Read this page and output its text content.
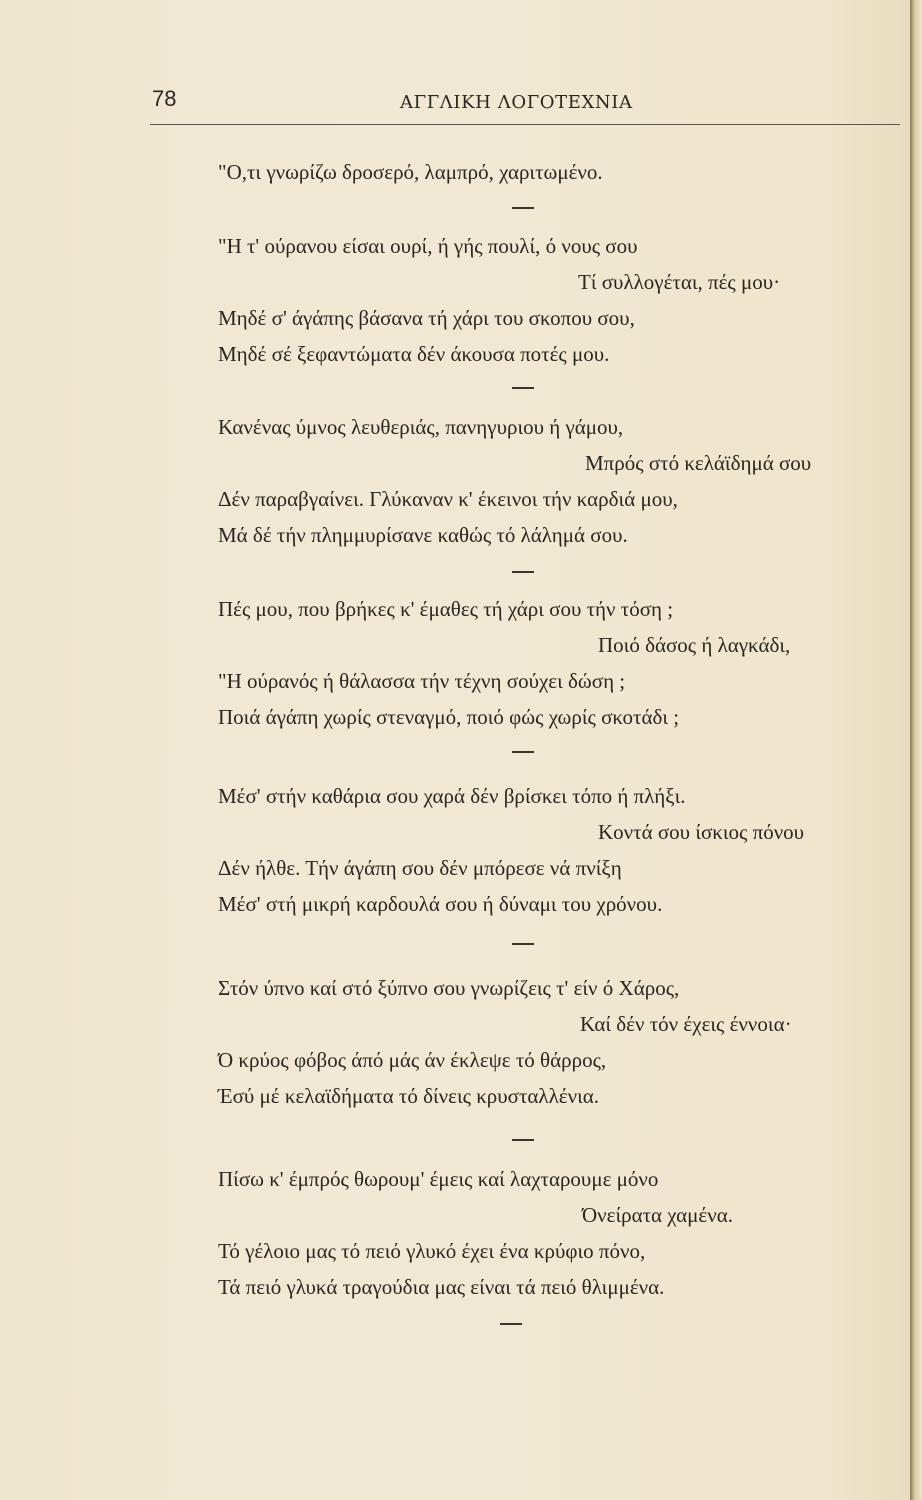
78	ΑΓΓΛΙΚΗ ΛΟΓΟΤΕΧΝΙΑ
"Ο,τι γνωρίζω δροσερό, λαμπρό, χαριτωμένο.
"Η τ' ούρανου είσαι ουρί, ή γής πουλί, ό νους σου
Τί συλλογέται, πές μου·
Μηδέ σ' άγάπης βάσανα τή χάρι του σκοπου σου,
Μηδέ σέ ξεφαντώματα δέν άκουσα ποτές μου.
Κανένας ύμνος λευθεριάς, πανηγυριου ή γάμου,
Μπρός στό κελάϊδημά σου
Δέν παραβγαίνει. Γλύκαναν κ' έκεινοι τήν καρδιά μου,
Μά δέ τήν πλημμυρίσανε καθώς τό λάλημά σου.
Πές μου, που βρήκες κ' έμαθες τή χάρι σου τήν τόση ;
Ποιό δάσος ή λαγκάδι,
"Η ούρανός ή θάλασσα τήν τέχνη σούχει δώση ;
Ποιά άγάπη χωρίς στεναγμό, ποιό φώς χωρίς σκοτάδι ;
Μέσ' στήν καθάρια σου χαρά δέν βρίσκει τόπο ή πλήξι.
Κοντά σου ίσκιος πόνου
Δέν ήλθε. Τήν άγάπη σου δέν μπόρεσε νά πνίξη
Μέσ' στή μικρή καρδουλά σου ή δύναμι του χρόνου.
Στόν ύπνο καί στό ξύπνο σου γνωρίζεις τ' είν ό Χάρος,
Καί δέν τόν έχεις έννοια·
Ό κρύος φόβος άπό μάς άν έκλεψε τό θάρρος,
Έσύ μέ κελαϊδήματα τό δίνεις κρυσταλλένια.
Πίσω κ' έμπρός θωρουμ' έμεις καί λαχταρουμε μόνο
Όνείρατα χαμένα.
Τό γέλοιο μας τό πειό γλυκό έχει ένα κρύφιο πόνο,
Τά πειό γλυκά τραγούδια μας είναι τά πειό θλιμμένα.
